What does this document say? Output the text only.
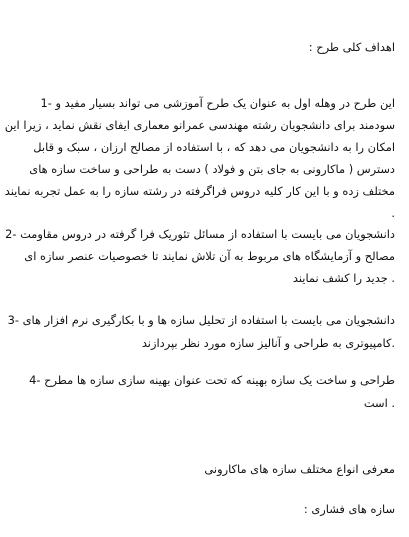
اهداف کلی طرح :
این طرح در وهله اول به عنوان یک طرح آموزشی می تواند بسیار مفید و -1
سودمند برای دانشجویان رشته مهندسی عمرانو معماری ایفای نقش نماید ، زیرا این
امکان را به دانشجویان می دهد که ، با استفاده از مصالح ارزان ، سبک و قابل
دسترس ( ماکارونی به جای بتن و فولاد ) دست به طراحی و ساخت سازه های
مختلف زده و با این کار کلیه دروس فراگرفته در رشته سازه را به عمل تجربه نمایند
.
دانشجویان می بایست با استفاده از مسائل تئوریک فرا گرفته در دروس مقاومت -2
مصالح و آزمایشگاه های مربوط به آن تلاش نمایند تا خصوصیات عنصر سازه ای
. جدید را کشف نمایند
دانشجویان می بایست با استفاده از تحلیل سازه ها و با بکارگیری نرم افزار های -3
.کامپیوتری به طراحی و آنالیز سازه مورد نظر بپردازند
طراحی و ساخت یک سازه بهینه که تحت عنوان بهینه سازی سازه ها مطرح -4
. است
معرفی انواع مختلف سازه های ماکارونی
سازه های فشاری :
